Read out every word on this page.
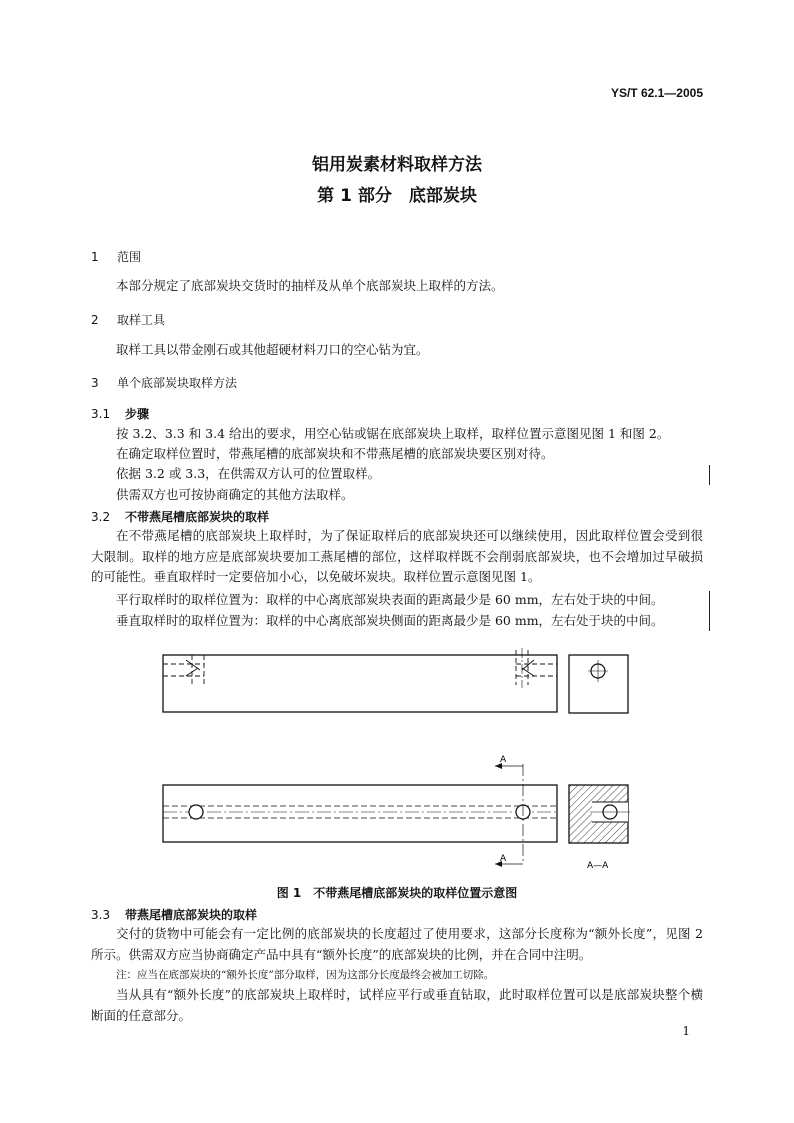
YS/T 62.1—2005
铝用炭素材料取样方法
第 1 部分　底部炭块
1 范围
本部分规定了底部炭块交货时的抽样及从单个底部炭块上取样的方法。
2 取样工具
取样工具以带金刚石或其他超硬材料刀口的空心钻为宜。
3 单个底部炭块取样方法
3.1 步骤
按 3.2、3.3 和 3.4 给出的要求，用空心钻或锯在底部炭块上取样，取样位置示意图见图 1 和图 2。
在确定取样位置时，带燕尾槽的底部炭块和不带燕尾槽的底部炭块要区别对待。
依据 3.2 或 3.3，在供需双方认可的位置取样。
供需双方也可按协商确定的其他方法取样。
3.2 不带燕尾槽底部炭块的取样
在不带燕尾槽的底部炭块上取样时，为了保证取样后的底部炭块还可以继续使用，因此取样位置会受到很大限制。取样的地方应是底部炭块要加工燕尾槽的部位，这样取样既不会削弱底部炭块，也不会增加过早破损的可能性。垂直取样时一定要倍加小心，以免破坏炭块。取样位置示意图见图 1。
平行取样时的取样位置为：取样的中心离底部炭块表面的距离最少是 60 mm，左右处于块的中间。
垂直取样时的取样位置为：取样的中心离底部炭块侧面的距离最少是 60 mm，左右处于块的中间。
A
A
A—A
图 1　不带燕尾槽底部炭块的取样位置示意图
3.3 带燕尾槽底部炭块的取样
交付的货物中可能会有一定比例的底部炭块的长度超过了使用要求，这部分长度称为“额外长度”，见图 2 所示。供需双方应当协商确定产品中具有“额外长度”的底部炭块的比例，并在合同中注明。
注：应当在底部炭块的“额外长度”部分取样，因为这部分长度最终会被加工切除。
当从具有“额外长度”的底部炭块上取样时，试样应平行或垂直钻取，此时取样位置可以是底部炭块整个横断面的任意部分。
1
